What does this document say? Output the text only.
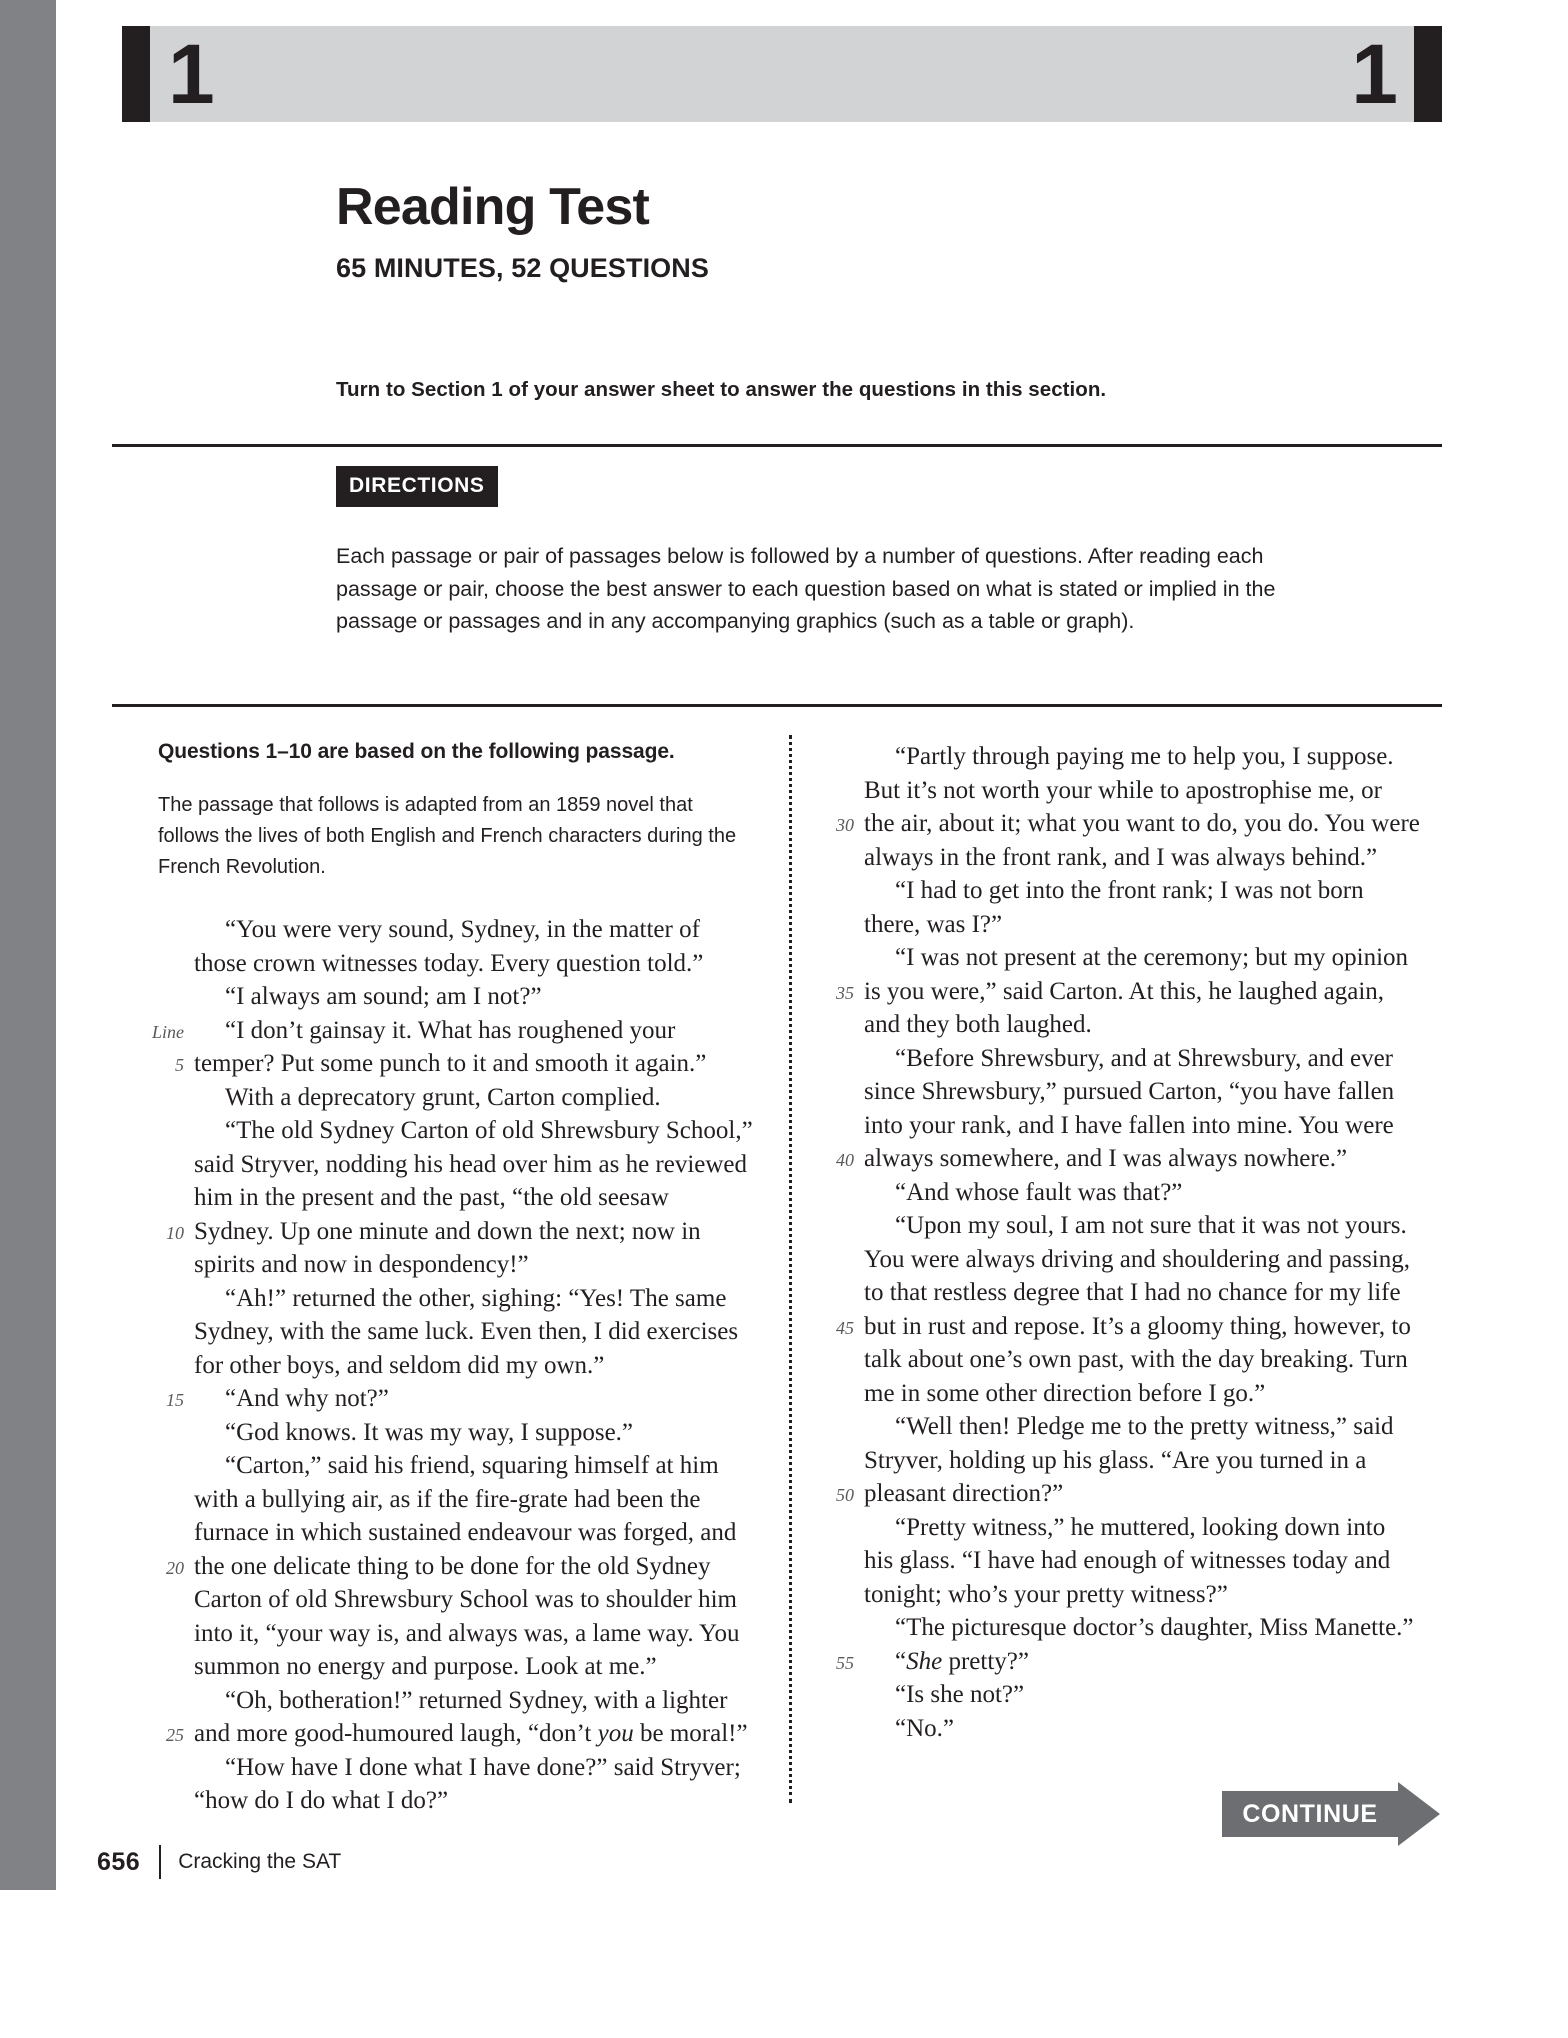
1	1
Reading Test
65 MINUTES, 52 QUESTIONS
Turn to Section 1 of your answer sheet to answer the questions in this section.
DIRECTIONS
Each passage or pair of passages below is followed by a number of questions. After reading each passage or pair, choose the best answer to each question based on what is stated or implied in the passage or passages and in any accompanying graphics (such as a table or graph).
Questions 1–10 are based on the following passage.
The passage that follows is adapted from an 1859 novel that follows the lives of both English and French characters during the French Revolution.
“You were very sound, Sydney, in the matter of
those crown witnesses today. Every question told.”
“I always am sound; am I not?”
Line “I don’t gainsay it. What has roughened your
5 temper? Put some punch to it and smooth it again.”
With a deprecatory grunt, Carton complied.
“The old Sydney Carton of old Shrewsbury School,”
said Stryver, nodding his head over him as he reviewed
him in the present and the past, “the old seesaw
10 Sydney. Up one minute and down the next; now in
spirits and now in despondency!”
“Ah!” returned the other, sighing: “Yes! The same
Sydney, with the same luck. Even then, I did exercises
for other boys, and seldom did my own.”
15 “And why not?”
“God knows. It was my way, I suppose.”
“Carton,” said his friend, squaring himself at him
with a bullying air, as if the fire-grate had been the
furnace in which sustained endeavour was forged, and
20 the one delicate thing to be done for the old Sydney
Carton of old Shrewsbury School was to shoulder him
into it, “your way is, and always was, a lame way. You
summon no energy and purpose. Look at me.”
“Oh, botheration!” returned Sydney, with a lighter
25 and more good-humoured laugh, “don’t you be moral!”
“How have I done what I have done?” said Stryver;
“how do I do what I do?”
“Partly through paying me to help you, I suppose.
But it’s not worth your while to apostrophise me, or
30 the air, about it; what you want to do, you do. You were
always in the front rank, and I was always behind.”
“I had to get into the front rank; I was not born
there, was I?”
“I was not present at the ceremony; but my opinion
35 is you were,” said Carton. At this, he laughed again,
and they both laughed.
“Before Shrewsbury, and at Shrewsbury, and ever
since Shrewsbury,” pursued Carton, “you have fallen
into your rank, and I have fallen into mine. You were
40 always somewhere, and I was always nowhere.”
“And whose fault was that?”
“Upon my soul, I am not sure that it was not yours.
You were always driving and shouldering and passing,
to that restless degree that I had no chance for my life
45 but in rust and repose. It’s a gloomy thing, however, to
talk about one’s own past, with the day breaking. Turn
me in some other direction before I go.”
“Well then! Pledge me to the pretty witness,” said
Stryver, holding up his glass. “Are you turned in a
50 pleasant direction?”
“Pretty witness,” he muttered, looking down into
his glass. “I have had enough of witnesses today and
tonight; who’s your pretty witness?”
“The picturesque doctor’s daughter, Miss Manette.”
55 “She pretty?”
“Is she not?”
“No.”
CONTINUE
656 Cracking the SAT
